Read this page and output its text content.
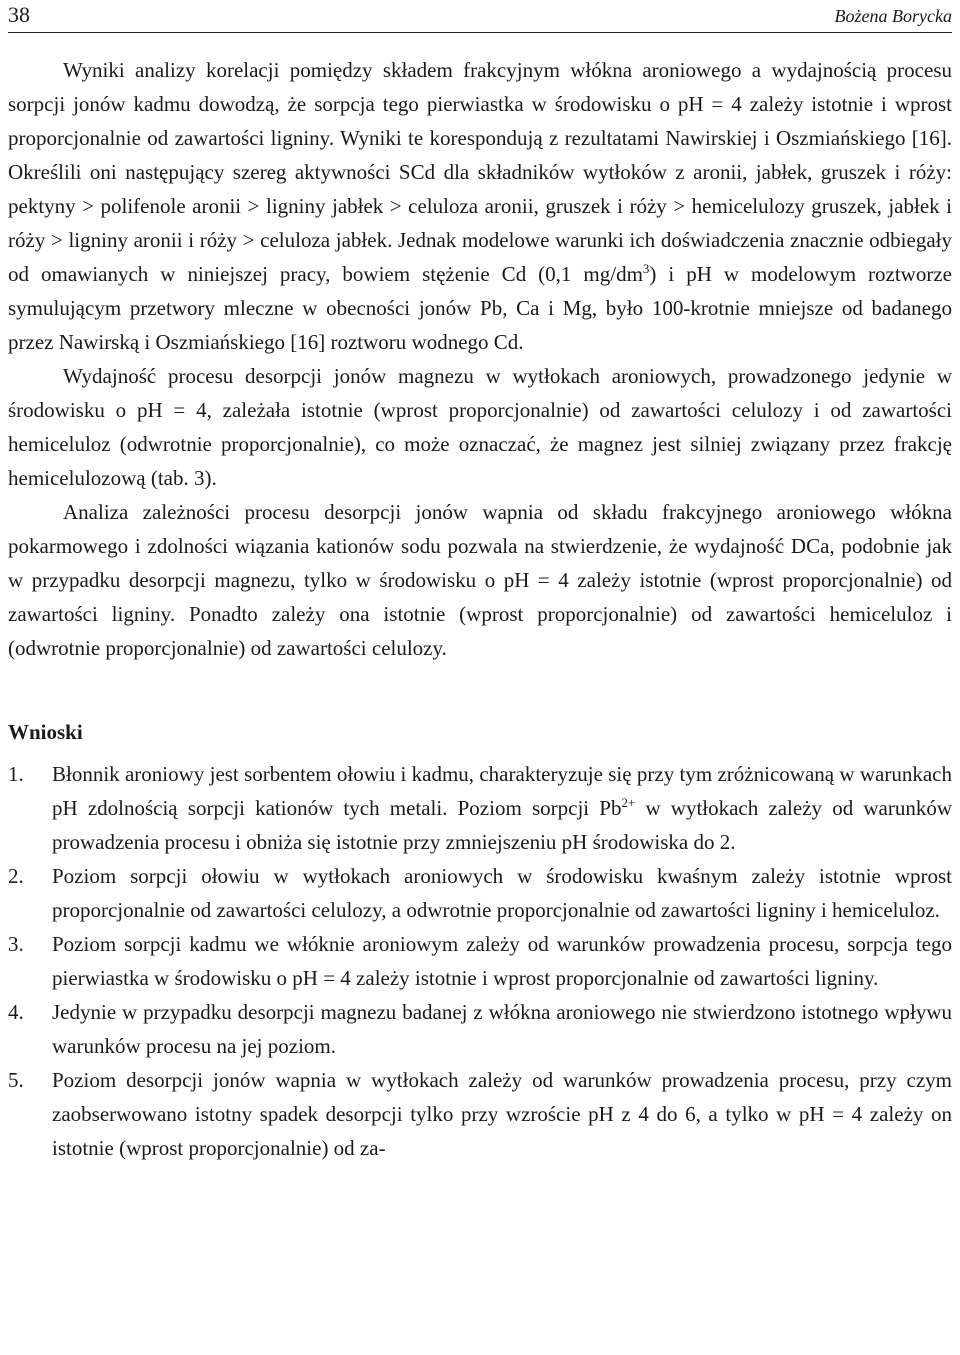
38	Bożena Borycka

Wyniki analizy korelacji pomiędzy składem frakcyjnym włókna aroniowego a wydajnością procesu sorpcji jonów kadmu dowodzą, że sorpcja tego pierwiastka w środowisku o pH = 4 zależy istotnie i wprost proporcjonalnie od zawartości ligniny. Wyniki te korespondują z rezultatami Nawirskiej i Oszmiańskiego [16]. Określili oni następujący szereg aktywności SCd dla składników wytłoków z aronii, jabłek, gruszek i róży: pektyny > polifenole aronii > ligniny jabłek > celuloza aronii, gruszek i róży > hemicelulozy gruszek, jabłek i róży > ligniny aronii i róży > celuloza jabłek. Jednak modelowe warunki ich doświadczenia znacznie odbiegały od omawianych w niniejszej pracy, bowiem stężenie Cd (0,1 $mg/dm^3$) i pH w modelowym roztworze symulującym przetwory mleczne w obecności jonów Pb, Ca i Mg, było 100-krotnie mniejsze od badanego przez Nawirską i Oszmiańskiego [16] roztworu wodnego Cd.

Wydajność procesu desorpcji jonów magnezu w wytłokach aroniowych, prowadzonego jedynie w środowisku o pH = 4, zależała istotnie (wprost proporcjonalnie) od zawartości celulozy i od zawartości hemiceluloz (odwrotnie proporcjonalnie), co może oznaczać, że magnez jest silniej związany przez frakcję hemicelulozową (tab. 3).

Analiza zależności procesu desorpcji jonów wapnia od składu frakcyjnego aroniowego włókna pokarmowego i zdolności wiązania kationów sodu pozwala na stwierdzenie, że wydajność DCa, podobnie jak w przypadku desorpcji magnezu, tylko w środowisku o pH = 4 zależy istotnie (wprost proporcjonalnie) od zawartości ligniny. Ponadto zależy ona istotnie (wprost proporcjonalnie) od zawartości hemiceluloz i (odwrotnie proporcjonalnie) od zawartości celulozy.

Wnioski
1. Błonnik aroniowy jest sorbentem ołowiu i kadmu, charakteryzuje się przy tym zróżnicowaną w warunkach pH zdolnością sorpcji kationów tych metali. Poziom sorpcji $Pb^{2+}$ w wytłokach zależy od warunków prowadzenia procesu i obniża się istotnie przy zmniejszeniu pH środowiska do 2.
2. Poziom sorpcji ołowiu w wytłokach aroniowych w środowisku kwaśnym zależy istotnie wprost proporcjonalnie od zawartości celulozy, a odwrotnie proporcjonalnie od zawartości ligniny i hemiceluloz.
3. Poziom sorpcji kadmu we włóknie aroniowym zależy od warunków prowadzenia procesu, sorpcja tego pierwiastka w środowisku o pH = 4 zależy istotnie i wprost proporcjonalnie od zawartości ligniny.
4. Jedynie w przypadku desorpcji magnezu badanej z włókna aroniowego nie stwierdzono istotnego wpływu warunków procesu na jej poziom.
5. Poziom desorpcji jonów wapnia w wytłokach zależy od warunków prowadzenia procesu, przy czym zaobserwowano istotny spadek desorpcji tylko przy wzroście pH z 4 do 6, a tylko w pH = 4 zależy on istotnie (wprost proporcjonalnie) od za-
